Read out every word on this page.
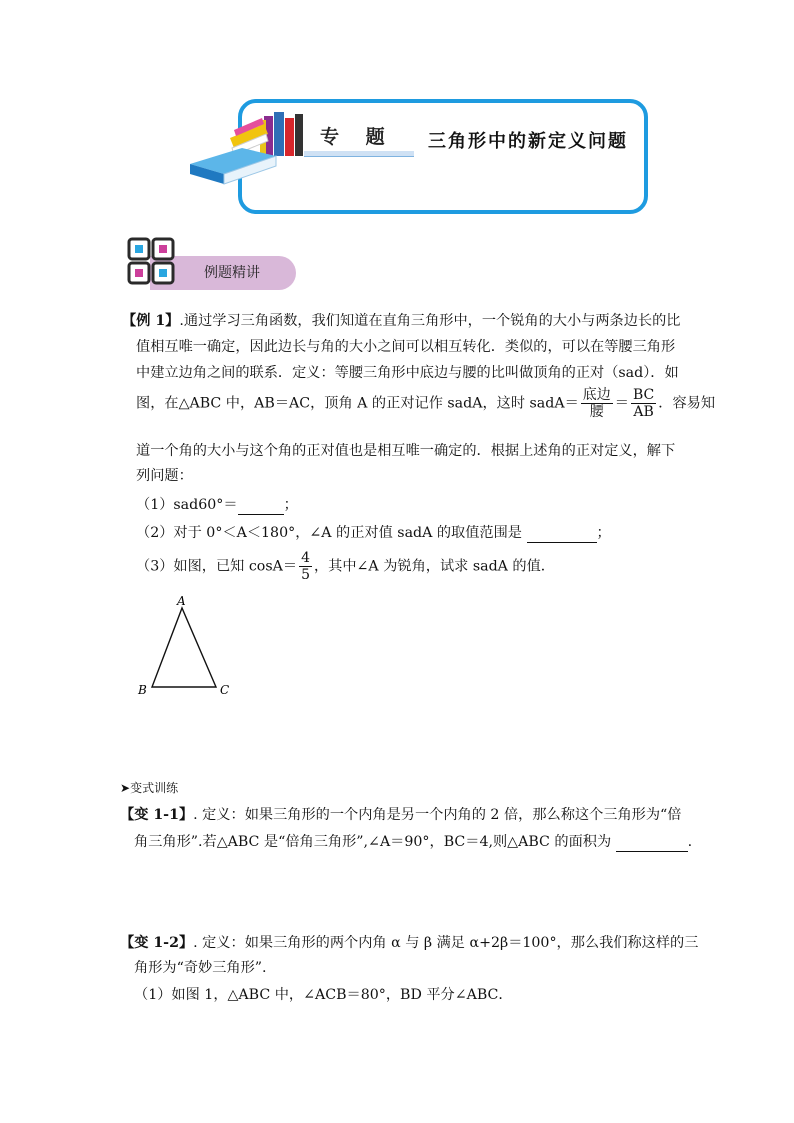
专 题 三角形中的新定义问题
例题精讲

【例 1】.通过学习三角函数，我们知道在直角三角形中，一个锐角的大小与两条边长的比

值相互唯一确定，因此边长与角的大小之间可以相互转化．类似的，可以在等腰三角形

中建立边角之间的联系．定义：等腰三角形中底边与腰的比叫做顶角的正对（sad）．如

图，在△ABC 中，AB＝AC，顶角 A 的正对记作 sadA，这时 sadA＝ $\frac{\text{底边}}{\text{腰}} = \frac{BC}{AB}$ ．容易知

道一个角的大小与这个角的正对值也是相互唯一确定的．根据上述角的正对定义，解下

列问题：

（1）sad60°＝	；

（2）对于 0°＜A＜180°，∠A 的正对值 sadA 的取值范围是	；

（3）如图，已知 $\cos A= \frac{4}{5}$ ，其中∠A 为锐角，试求 sadA 的值．
A
B	C
➤变式训练

【变 1-1】. 定义：如果三角形的一个内角是另一个内角的 2 倍，那么称这个三角形为“倍

角三角形”.若△ABC 是“倍角三角形”,∠A＝90°，BC＝4,则△ABC 的面积为	.

【变 1-2】. 定义：如果三角形的两个内角 α 与 β 满足 α+2β＝100°，那么我们称这样的三

角形为“奇妙三角形”.

（1）如图 1，△ABC 中，∠ACB＝80°，BD 平分∠ABC．
